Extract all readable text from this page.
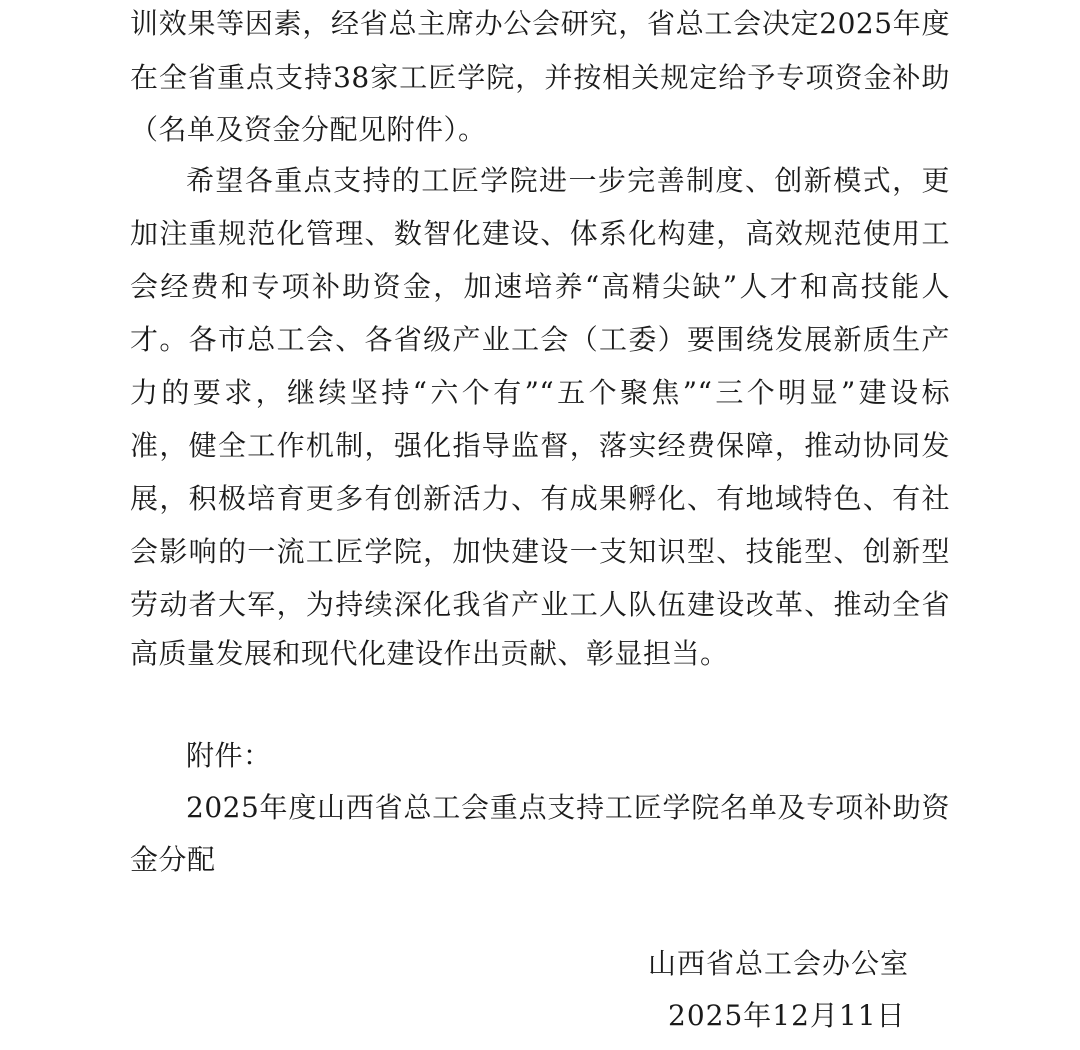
训效果等因素，经省总主席办公会研究，省总工会决定2025年度
在全省重点支持38家工匠学院，并按相关规定给予专项资金补助
（名单及资金分配见附件）。
希望各重点支持的工匠学院进一步完善制度、创新模式，更
加注重规范化管理、数智化建设、体系化构建，高效规范使用工
会经费和专项补助资金，加速培养“高精尖缺”人才和高技能人
才。各市总工会、各省级产业工会（工委）要围绕发展新质生产
力的要求，继续坚持“六个有”“五个聚焦”“三个明显”建设标
准，健全工作机制，强化指导监督，落实经费保障，推动协同发
展，积极培育更多有创新活力、有成果孵化、有地域特色、有社
会影响的一流工匠学院，加快建设一支知识型、技能型、创新型
劳动者大军，为持续深化我省产业工人队伍建设改革、推动全省
高质量发展和现代化建设作出贡献、彰显担当。
附件：
2025年度山西省总工会重点支持工匠学院名单及专项补助资
金分配
山西省总工会办公室
2025年12月11日
